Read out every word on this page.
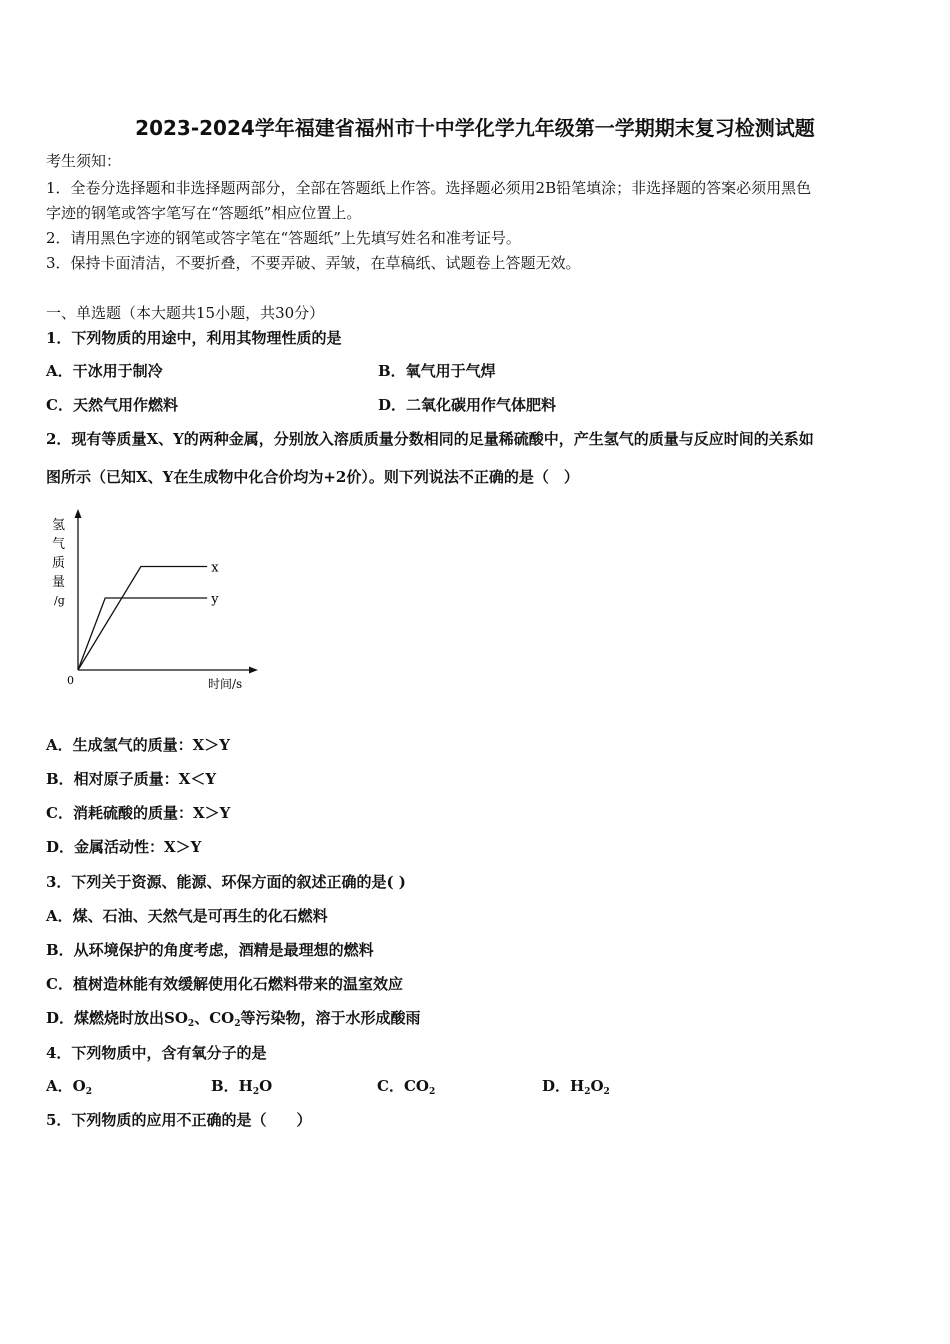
2023-2024学年福建省福州市十中学化学九年级第一学期期末复习检测试题
考生须知：
1．全卷分选择题和非选择题两部分，全部在答题纸上作答。选择题必须用2B铅笔填涂；非选择题的答案必须用黑色
字迹的钢笔或答字笔写在“答题纸”相应位置上。
2．请用黑色字迹的钢笔或答字笔在“答题纸”上先填写姓名和准考证号。
3．保持卡面清洁，不要折叠，不要弄破、弄皱，在草稿纸、试题卷上答题无效。
一、单选题（本大题共15小题，共30分）
1．下列物质的用途中，利用其物理性质的是
A．干冰用于制冷	B．氧气用于气焊
C．天然气用作燃料	D．二氧化碳用作气体肥料
2．现有等质量X、Y的两种金属，分别放入溶质质量分数相同的足量稀硫酸中，产生氢气的质量与反应时间的关系如
图所示（已知X、Y在生成物中化合价均为+2价）。则下列说法不正确的是（　）
氢
气
质
量
/g
0	时间/s
x
y
A．生成氢气的质量：X＞Y
B．相对原子质量：X＜Y
C．消耗硫酸的质量：X＞Y
D．金属活动性：X＞Y
3．下列关于资源、能源、环保方面的叙述正确的是( )
A．煤、石油、天然气是可再生的化石燃料
B．从环境保护的角度考虑，酒精是最理想的燃料
C．植树造林能有效缓解使用化石燃料带来的温室效应
D．煤燃烧时放出$SO_2$、$CO_2$等污染物，溶于水形成酸雨
4．下列物质中，含有氧分子的是
A．$O_2$	B．$H_2O$	C．$CO_2$	D．$H_2O_2$
5．下列物质的应用不正确的是（　　）
